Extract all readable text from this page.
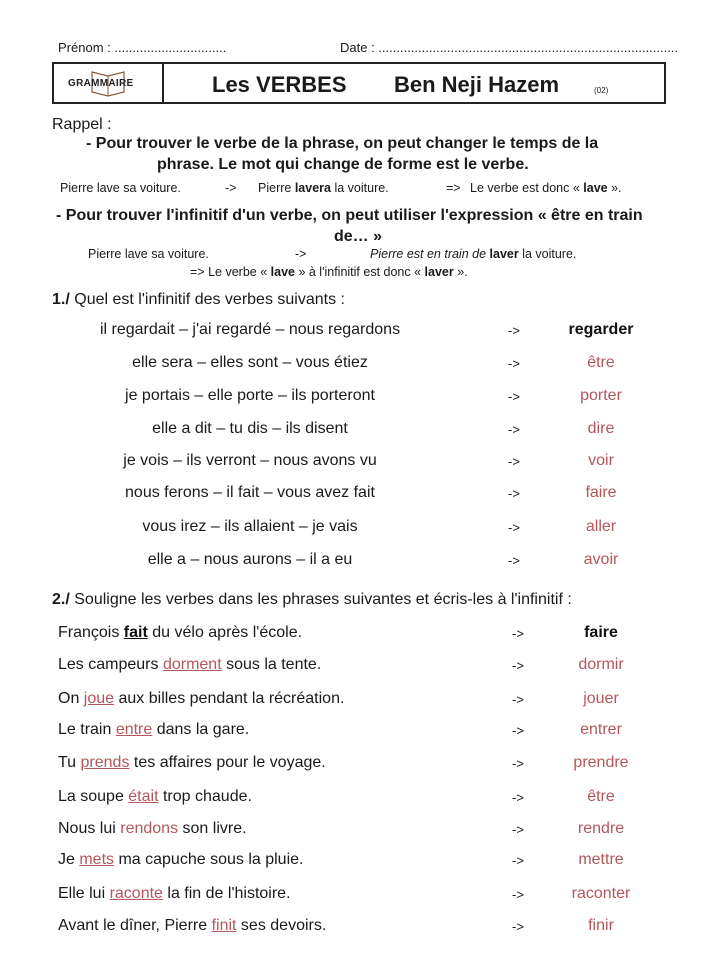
Prénom : ...............................	Date : ...................................................................................
GRAMMAIRE	Les VERBES Ben Neji Hazem	(02)
Rappel :
- Pour trouver le verbe de la phrase, on peut changer le temps de la
phrase. Le mot qui change de forme est le verbe.
Pierre lave sa voiture.	-> Pierre lavera la voiture.	=> Le verbe est donc « lave ».
- Pour trouver l'infinitif d'un verbe, on peut utiliser l'expression « être en train
de… »
Pierre lave sa voiture.	->	Pierre est en train de laver la voiture.
=> Le verbe « lave » à l'infinitif est donc « laver ».
1./ Quel est l'infinitif des verbes suivants :
il regardait – j'ai regardé – nous regardons	->	regarder
elle sera – elles sont – vous étiez	->	être
je portais – elle porte – ils porteront	->	porter
elle a dit – tu dis – ils disent	->	dire
je vois – ils verront – nous avons vu	->	voir
nous ferons – il fait – vous avez fait	->	faire
vous irez – ils allaient – je vais	->	aller
elle a – nous aurons – il a eu	->	avoir
2./ Souligne les verbes dans les phrases suivantes et écris-les à l'infinitif :
François fait du vélo après l'école.	->	faire
Les campeurs dorment sous la tente.	->	dormir
On joue aux billes pendant la récréation.	->	jouer
Le train entre dans la gare.	->	entrer
Tu prends tes affaires pour le voyage.	->	prendre
La soupe était trop chaude.	->	être
Nous lui rendons son livre.	->	rendre
Je mets ma capuche sous la pluie.	->	mettre
Elle lui raconte la fin de l'histoire.	->	raconter
Avant le dîner, Pierre finit ses devoirs.	->	finir
